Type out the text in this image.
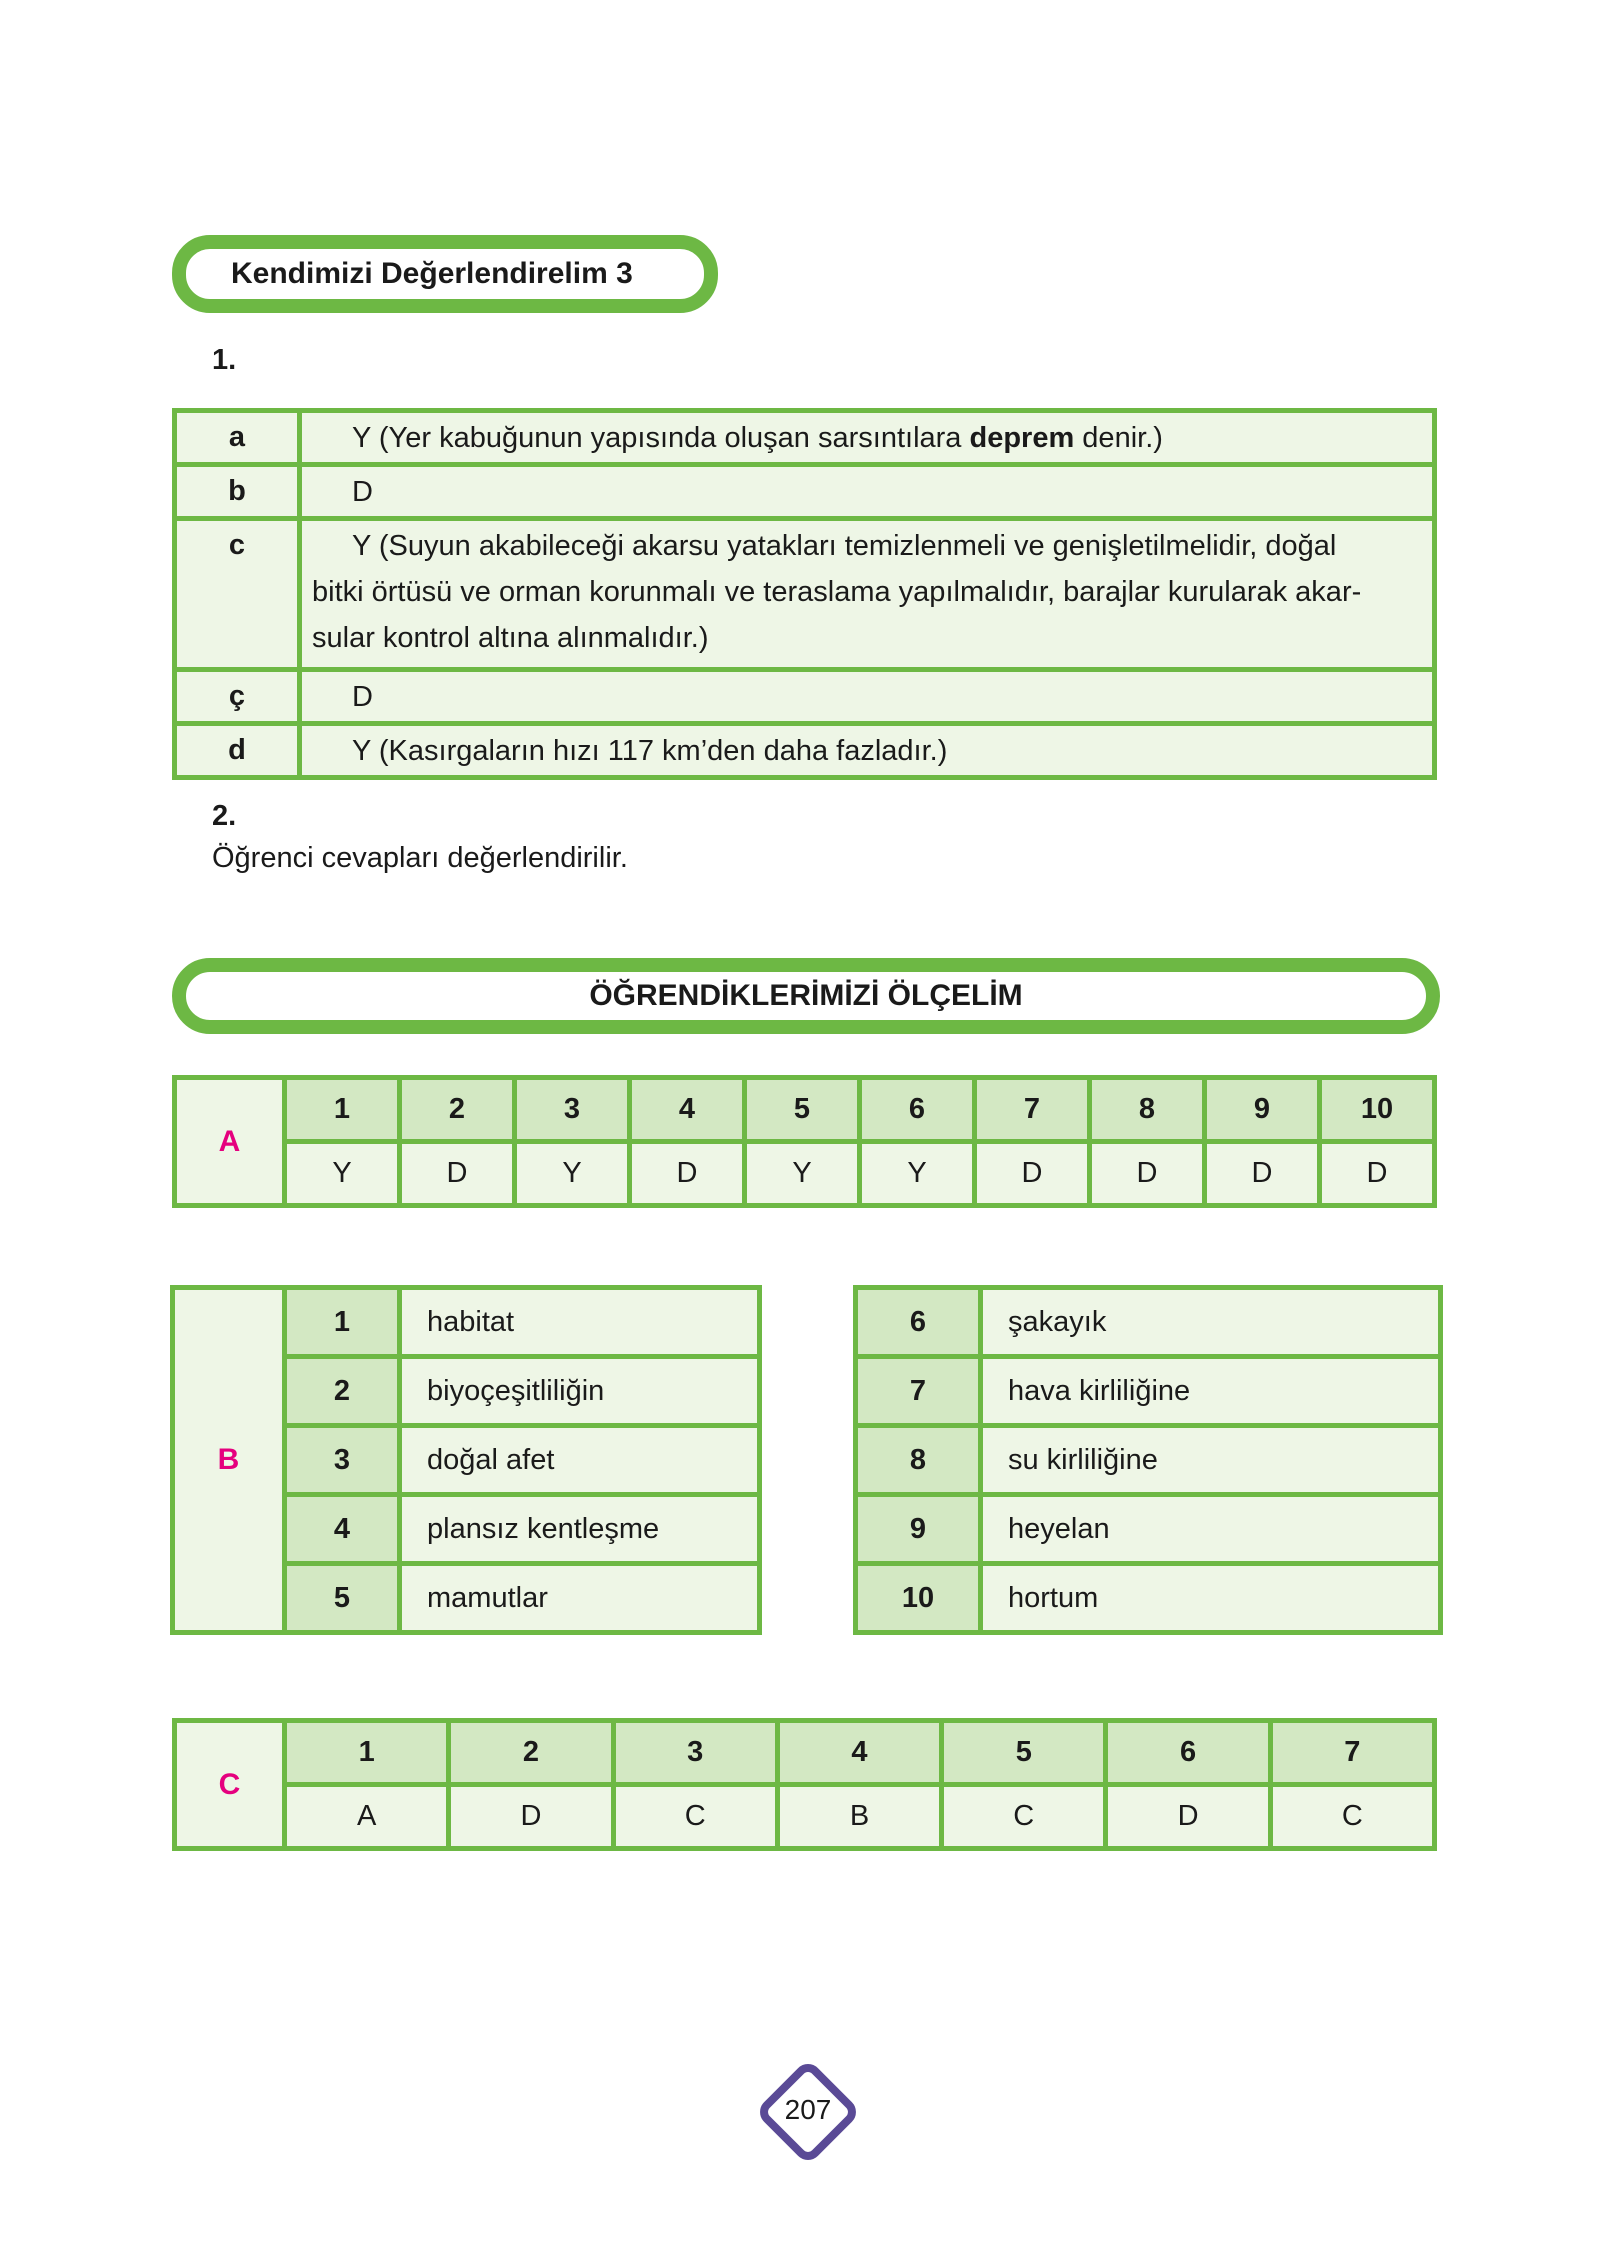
Kendimizi Değerlendirelim 3
1.
a	Y (Yer kabuğunun yapısında oluşan sarsıntılara deprem denir.)
b	D
c	Y (Suyun akabileceği akarsu yatakları temizlenmeli ve genişletilmelidir, doğal
bitki örtüsü ve orman korunmalı ve teraslama yapılmalıdır, barajlar kurularak akar-
sular kontrol altına alınmalıdır.)

ç	D
d	Y (Kasırgaların hızı 117 km’den daha fazladır.)
2.
Öğrenci cevapları değerlendirilir.
ÖĞRENDİKLERİMİZİ ÖLÇELİM
A	1	2	3	4	5	6	7	8	9	10
	Y	D	Y	D	Y	Y	D	D	D	D
B	1	habitat
	2	biyoçeşitliliğin
	3	doğal afet
	4	plansız kentleşme
	5	mamutlar
6	şakayık
7	hava kirliliğine
8	su kirliliğine
9	heyelan
10	hortum
C	1	2	3	4	5	6	7
	A	D	C	B	C	D	C
207
